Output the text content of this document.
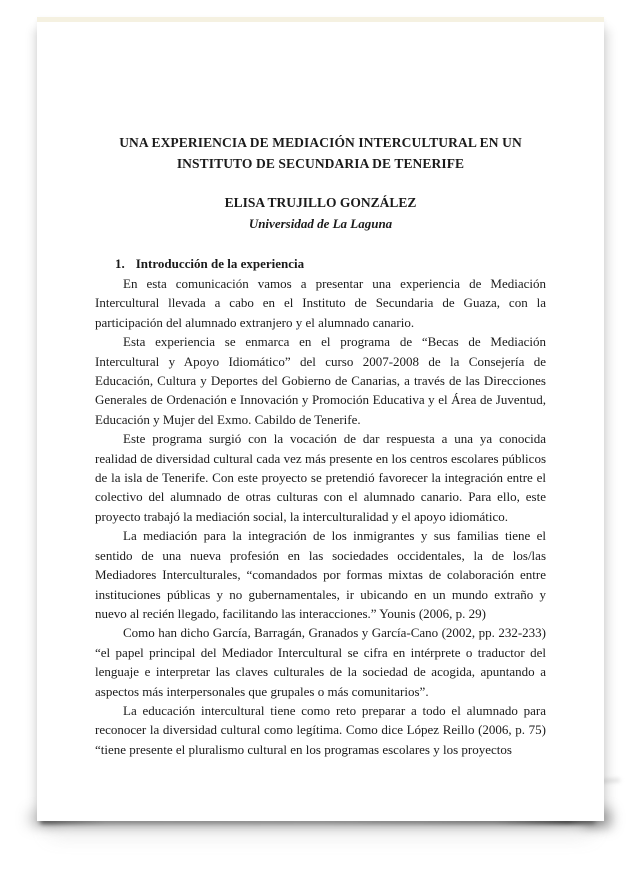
UNA EXPERIENCIA DE MEDIACIÓN INTERCULTURAL EN UN
INSTITUTO DE SECUNDARIA DE TENERIFE
ELISA TRUJILLO GONZÁLEZ
Universidad de La Laguna
1. Introducción de la experiencia

En esta comunicación vamos a presentar una experiencia de Mediación Intercultural llevada a cabo en el Instituto de Secundaria de Guaza, con la participación del alumnado extranjero y el alumnado canario.

Esta experiencia se enmarca en el programa de “Becas de Mediación Intercultural y Apoyo Idiomático” del curso 2007-2008 de la Consejería de Educación, Cultura y Deportes del Gobierno de Canarias, a través de las Direcciones Generales de Ordenación e Innovación y Promoción Educativa y el Área de Juventud, Educación y Mujer del Exmo. Cabildo de Tenerife.

Este programa surgió con la vocación de dar respuesta a una ya conocida realidad de diversidad cultural cada vez más presente en los centros escolares públicos de la isla de Tenerife. Con este proyecto se pretendió favorecer la integración entre el colectivo del alumnado de otras culturas con el alumnado canario. Para ello, este proyecto trabajó la mediación social, la interculturalidad y el apoyo idiomático.

La mediación para la integración de los inmigrantes y sus familias tiene el sentido de una nueva profesión en las sociedades occidentales, la de los/las Mediadores Interculturales, “comandados por formas mixtas de colaboración entre instituciones públicas y no gubernamentales, ir ubicando en un mundo extraño y nuevo al recién llegado, facilitando las interacciones.” Younis (2006, p. 29)

Como han dicho García, Barragán, Granados y García-Cano (2002, pp. 232-233) “el papel principal del Mediador Intercultural se cifra en intérprete o traductor del lenguaje e interpretar las claves culturales de la sociedad de acogida, apuntando a aspectos más interpersonales que grupales o más comunitarios”.

La educación intercultural tiene como reto preparar a todo el alumnado para reconocer la diversidad cultural como legítima. Como dice López Reillo (2006, p. 75) “tiene presente el pluralismo cultural en los programas escolares y los proyectos
